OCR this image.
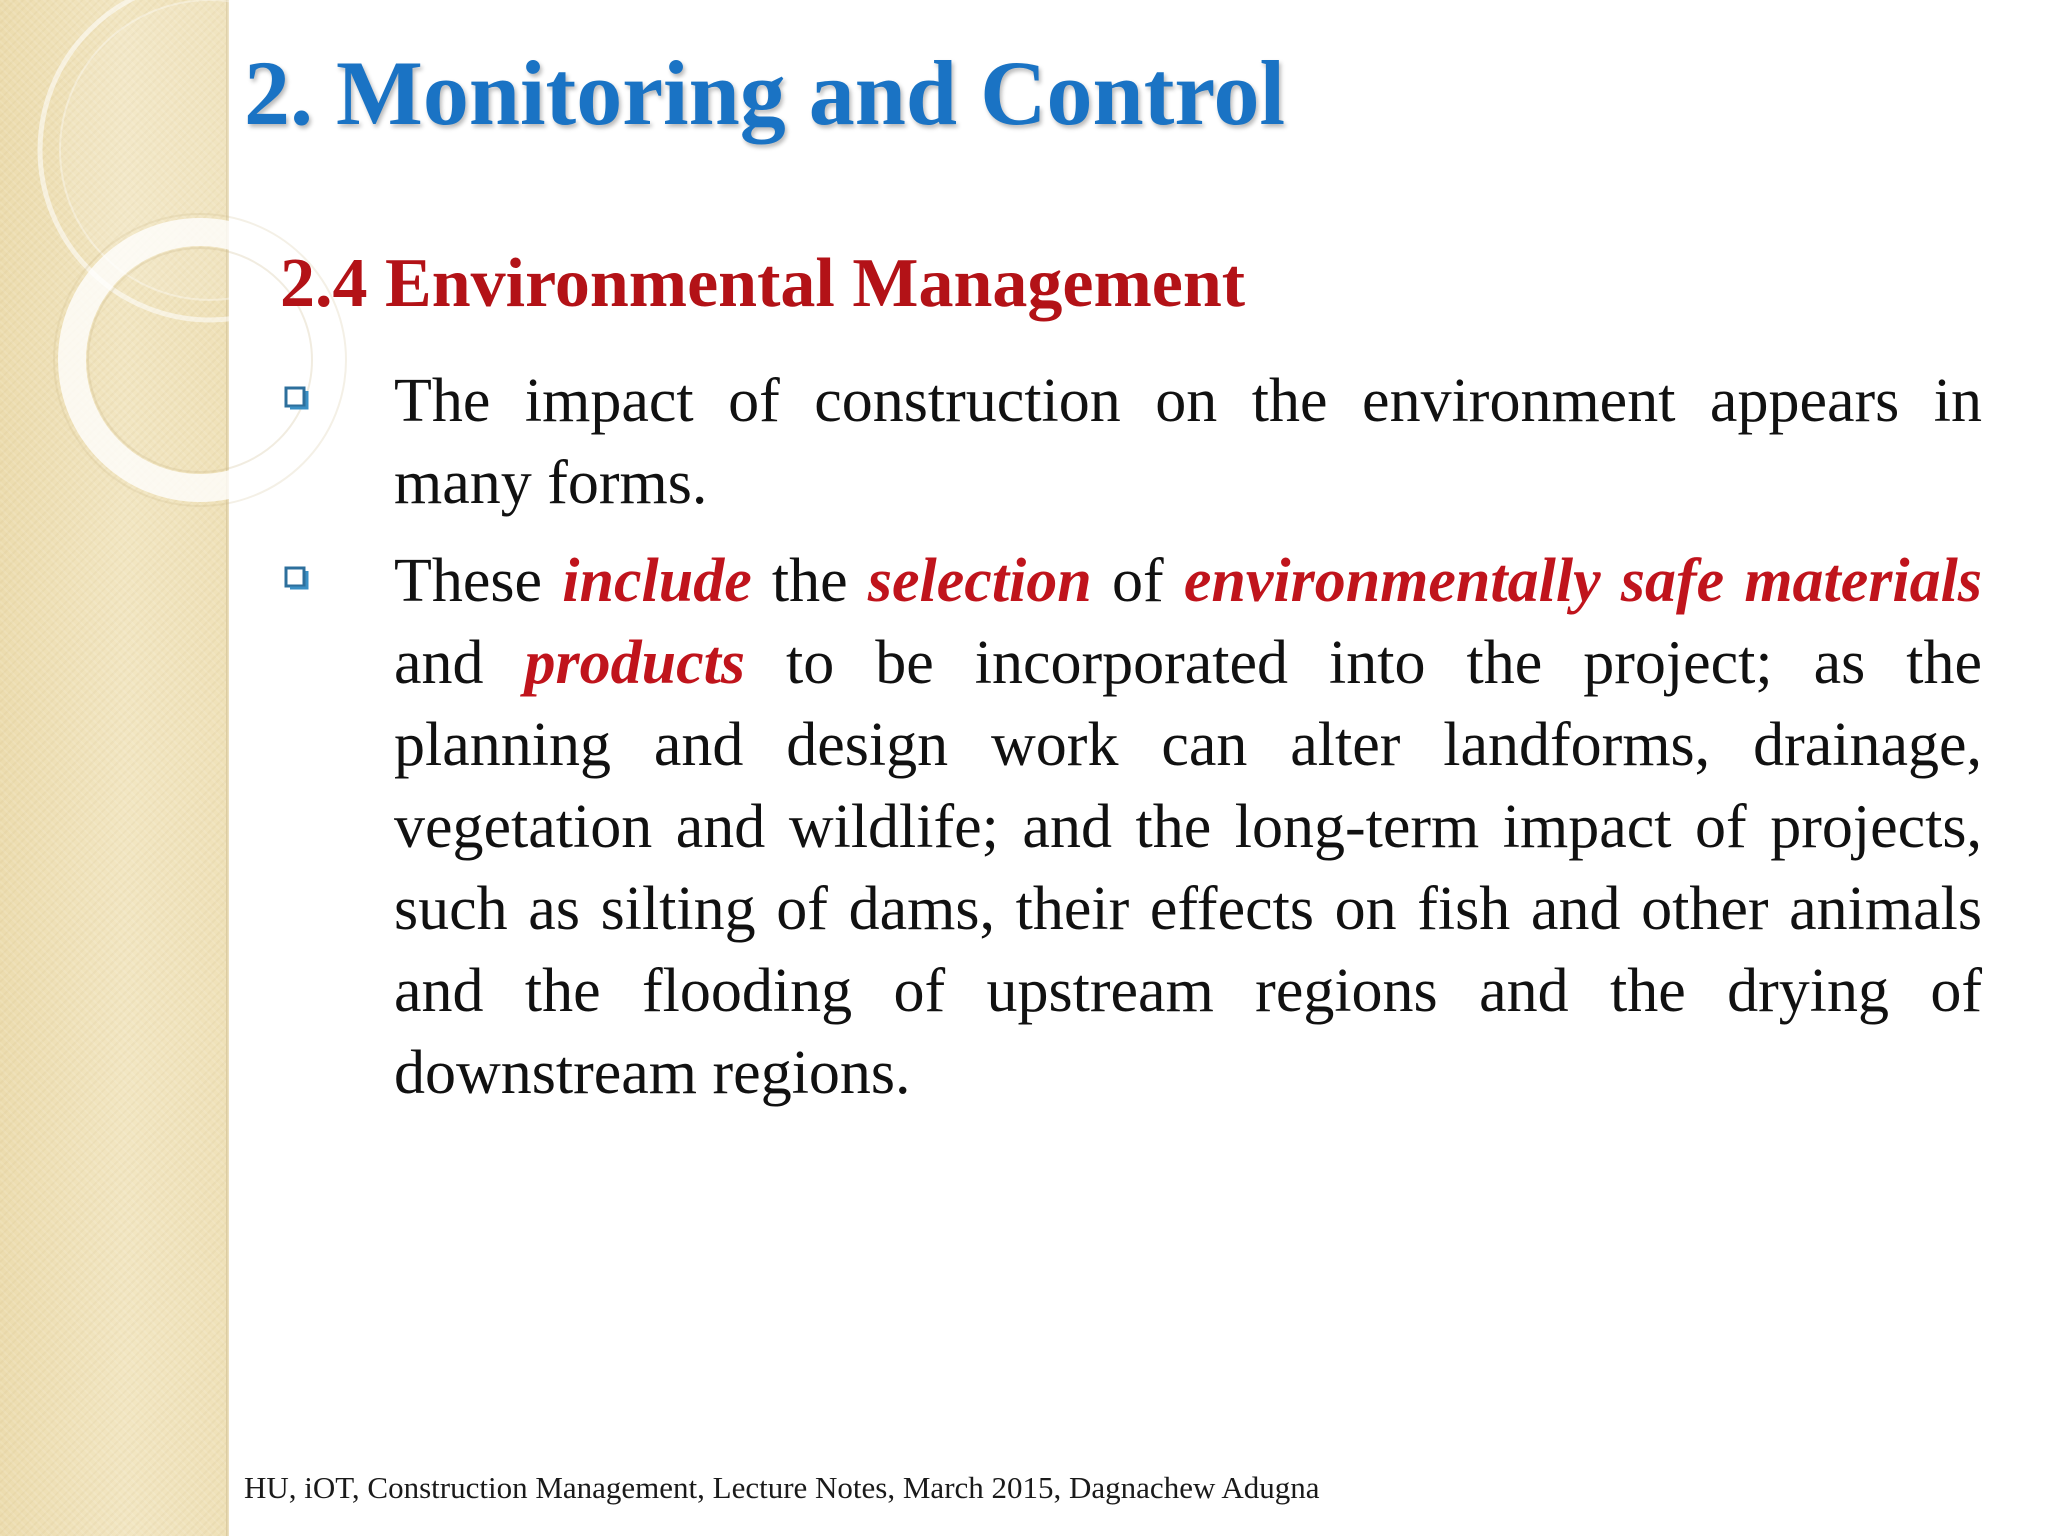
2. Monitoring and Control
2.4 Environmental Management
The impact of construction on the environment appears in many forms.
These include the selection of environmentally safe materials and products to be incorporated into the project; as the planning and design work can alter landforms, drainage, vegetation and wildlife; and the long-term impact of projects, such as silting of dams, their effects on fish and other animals and the flooding of upstream regions and the drying of downstream regions.

HU, iOT, Construction Management, Lecture Notes, March 2015, Dagnachew Adugna
